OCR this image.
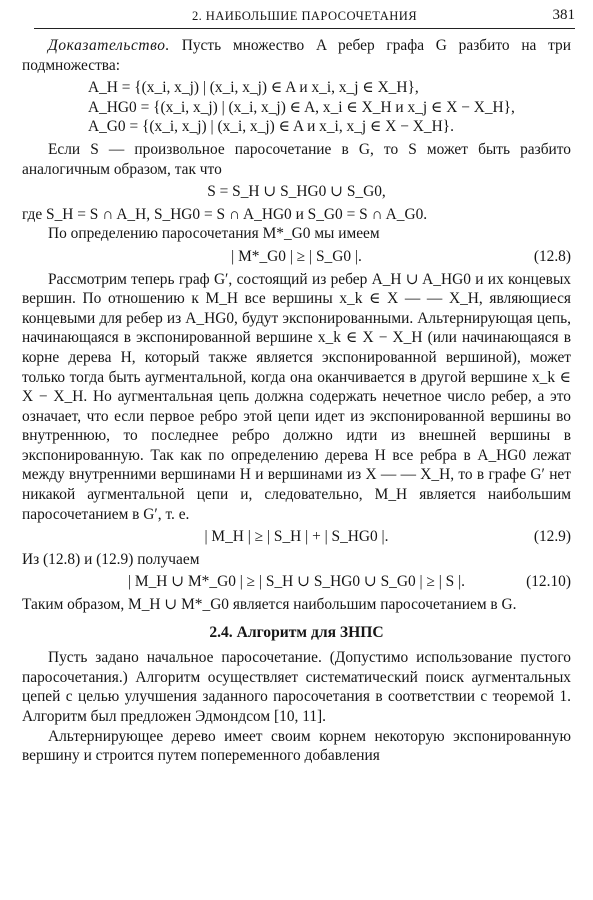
2. НАИБОЛЬШИЕ ПАРОСОЧЕТАНИЯ	381

Доказательство. Пусть множество A ребер графа G разбито на три подмножества:

A_H = {(x_i, x_j) | (x_i, x_j) ∈ A и x_i, x_j ∈ X_H},
A_HG0 = {(x_i, x_j) | (x_i, x_j) ∈ A, x_i ∈ X_H и x_j ∈ X − X_H},
A_G0 = {(x_i, x_j) | (x_i, x_j) ∈ A и x_i, x_j ∈ X − X_H}.

Если S — произвольное паросочетание в G, то S может быть разбито аналогичным образом, так что

S = S_H ∪ S_HG0 ∪ S_G0,

где S_H = S ∩ A_H, S_HG0 = S ∩ A_HG0 и S_G0 = S ∩ A_G0.

По определению паросочетания M*_G0 мы имеем

| M*_G0 | ≥ | S_G0 |.	(12.8)

Рассмотрим теперь граф G′, состоящий из ребер A_H ∪ A_HG0 и их концевых вершин. По отношению к M_H все вершины x_k ∈ X — — X_H, являющиеся концевыми для ребер из A_HG0, будут экспонированными. Альтернирующая цепь, начинающаяся в экспонированной вершине x_k ∈ X − X_H (или начинающаяся в корне дерева H, который также является экспонированной вершиной), может только тогда быть аугментальной, когда она оканчивается в другой вершине x_k ∈ X − X_H. Но аугментальная цепь должна содержать нечетное число ребер, а это означает, что если первое ребро этой цепи идет из экспонированной вершины во внутреннюю, то последнее ребро должно идти из внешней вершины в экспонированную. Так как по определению дерева H все ребра в A_HG0 лежат между внутренними вершинами H и вершинами из X — — X_H, то в графе G′ нет никакой аугментальной цепи и, следовательно, M_H является наибольшим паросочетанием в G′, т. е.

| M_H | ≥ | S_H | + | S_HG0 |.	(12.9)

Из (12.8) и (12.9) получаем

| M_H ∪ M*_G0 | ≥ | S_H ∪ S_HG0 ∪ S_G0 | ≥ | S |.	(12.10)

Таким образом, M_H ∪ M*_G0 является наибольшим паросочетанием в G.

2.4. Алгоритм для ЗНПС

Пусть задано начальное паросочетание. (Допустимо использование пустого паросочетания.) Алгоритм осуществляет систематический поиск аугментальных цепей с целью улучшения заданного паросочетания в соответствии с теоремой 1. Алгоритм был предложен Эдмондсом [10, 11].

Альтернирующее дерево имеет своим корнем некоторую экспонированную вершину и строится путем попеременного добавления
